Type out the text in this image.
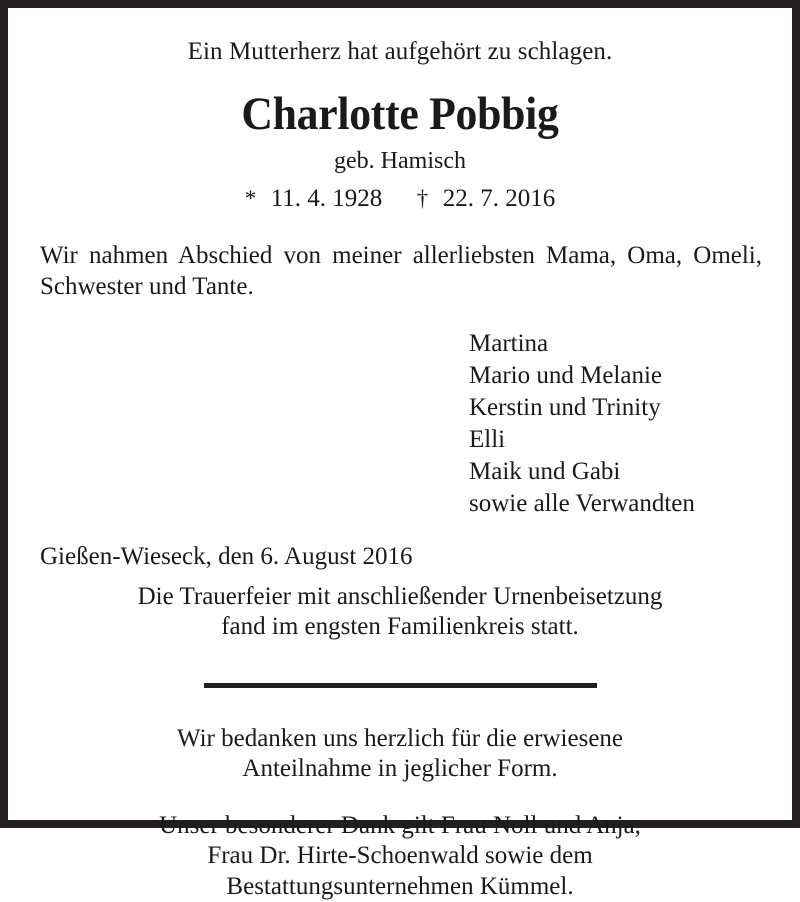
Ein Mutterherz hat aufgehört zu schlagen.
Charlotte Pobbig
geb. Hamisch
* 11. 4. 1928 † 22. 7. 2016
Wir nahmen Abschied von meiner allerliebsten Mama, Oma, Omeli, Schwester und Tante.
Martina
Mario und Melanie
Kerstin und Trinity
Elli
Maik und Gabi
sowie alle Verwandten
Gießen-Wieseck, den 6. August 2016
Die Trauerfeier mit anschließender Urnenbeisetzung
fand im engsten Familienkreis statt.
Wir bedanken uns herzlich für die erwiesene
Anteilnahme in jeglicher Form.
Unser besonderer Dank gilt Frau Noll und Anja,
Frau Dr. Hirte-Schoenwald sowie dem
Bestattungsunternehmen Kümmel.
